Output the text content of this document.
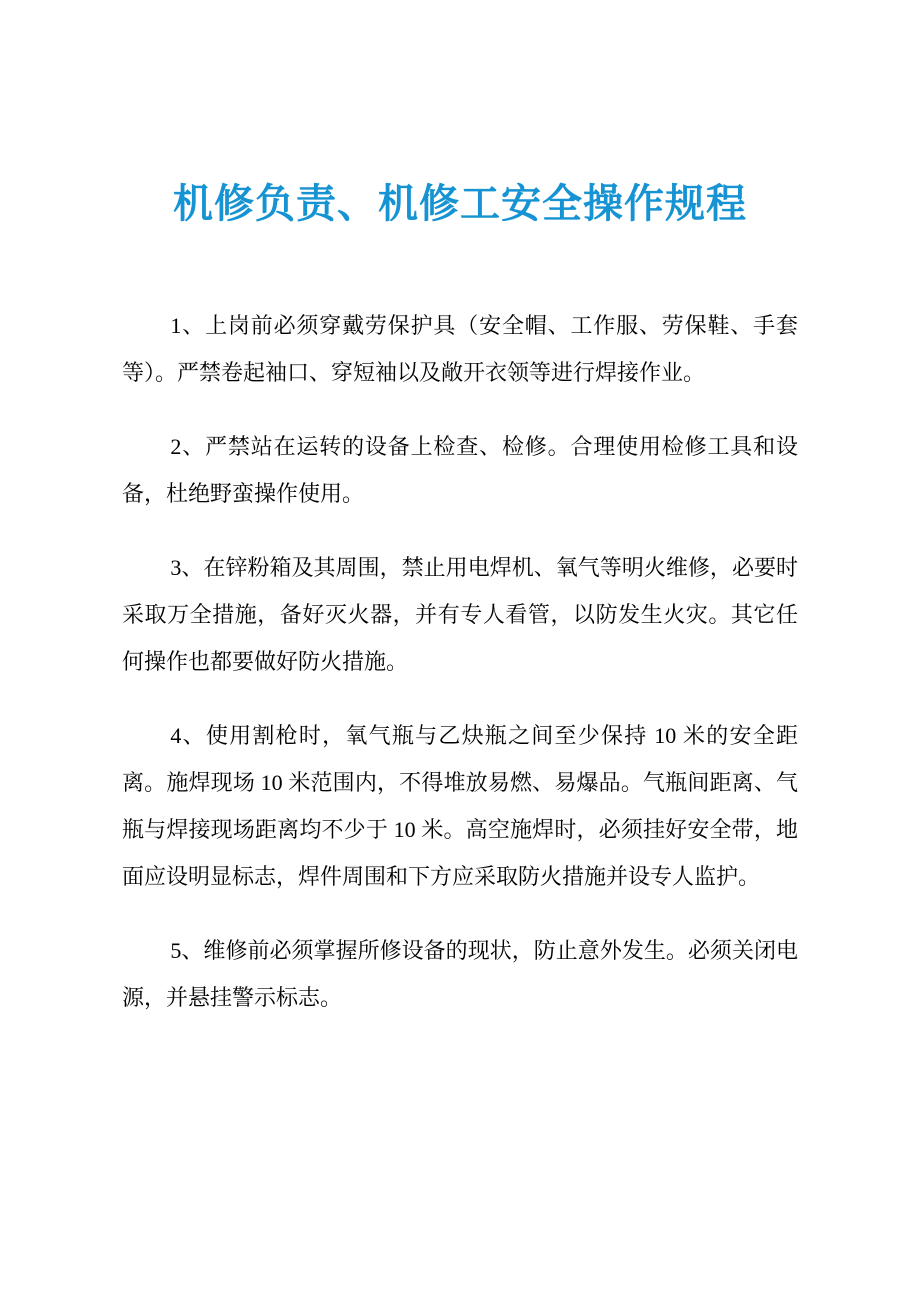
机修负责、机修工安全操作规程

1、上岗前必须穿戴劳保护具（安全帽、工作服、劳保鞋、手套等）。严禁卷起袖口、穿短袖以及敞开衣领等进行焊接作业。

2、严禁站在运转的设备上检查、检修。合理使用检修工具和设备，杜绝野蛮操作使用。

3、在锌粉箱及其周围，禁止用电焊机、氧气等明火维修，必要时采取万全措施，备好灭火器，并有专人看管，以防发生火灾。其它任何操作也都要做好防火措施。

4、使用割枪时，氧气瓶与乙炔瓶之间至少保持 10 米的安全距离。施焊现场 10 米范围内，不得堆放易燃、易爆品。气瓶间距离、气瓶与焊接现场距离均不少于 10 米。高空施焊时，必须挂好安全带，地面应设明显标志，焊件周围和下方应采取防火措施并设专人监护。

5、维修前必须掌握所修设备的现状，防止意外发生。必须关闭电源，并悬挂警示标志。
